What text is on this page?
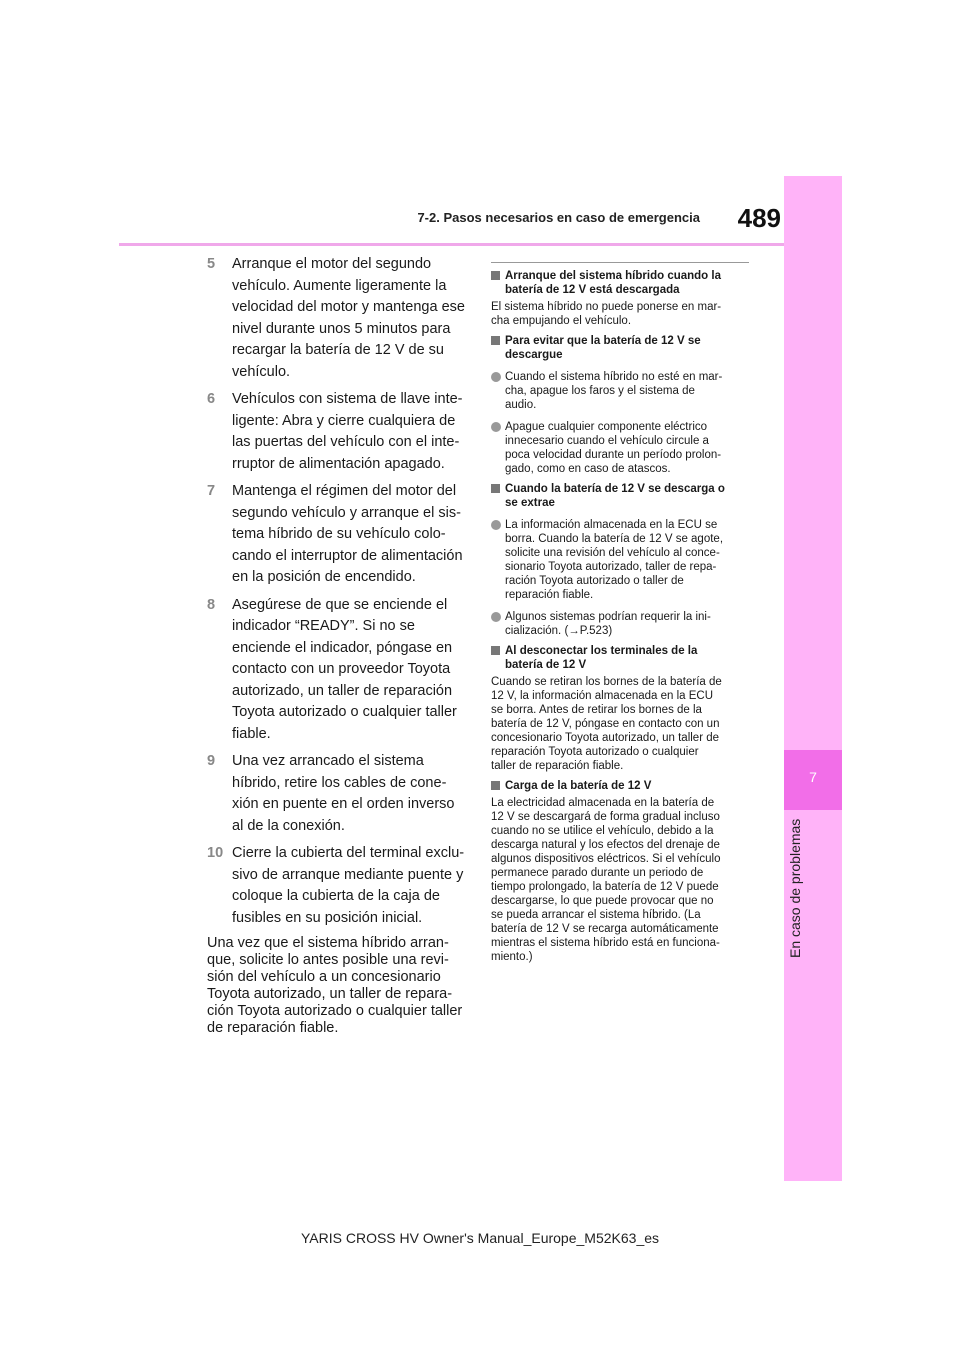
7
En caso de problemas
7-2. Pasos necesarios en caso de emergencia	489
5 Arranque el motor del segundo
vehículo. Aumente ligeramente la
velocidad del motor y mantenga ese
nivel durante unos 5 minutos para
recargar la batería de 12 V de su
vehículo.
6 Vehículos con sistema de llave inte-
ligente: Abra y cierre cualquiera de
las puertas del vehículo con el inte-
rruptor de alimentación apagado.
7 Mantenga el régimen del motor del
segundo vehículo y arranque el sis-
tema híbrido de su vehículo colo-
cando el interruptor de alimentación
en la posición de encendido.
8 Asegúrese de que se enciende el
indicador “READY”. Si no se
enciende el indicador, póngase en
contacto con un proveedor Toyota
autorizado, un taller de reparación
Toyota autorizado o cualquier taller
fiable.
9 Una vez arrancado el sistema
híbrido, retire los cables de cone-
xión en puente en el orden inverso
al de la conexión.
10 Cierre la cubierta del terminal exclu-
sivo de arranque mediante puente y
coloque la cubierta de la caja de
fusibles en su posición inicial.
Una vez que el sistema híbrido arran-
que, solicite lo antes posible una revi-
sión del vehículo a un concesionario
Toyota autorizado, un taller de repara-
ción Toyota autorizado o cualquier taller
de reparación fiable.
Arranque del sistema híbrido cuando la
batería de 12 V está descargada
El sistema híbrido no puede ponerse en mar-
cha empujando el vehículo.
Para evitar que la batería de 12 V se
descargue
Cuando el sistema híbrido no esté en mar-
cha, apague los faros y el sistema de
audio.
Apague cualquier componente eléctrico
innecesario cuando el vehículo circule a
poca velocidad durante un período prolon-
gado, como en caso de atascos.
Cuando la batería de 12 V se descarga o
se extrae
La información almacenada en la ECU se
borra. Cuando la batería de 12 V se agote,
solicite una revisión del vehículo al conce-
sionario Toyota autorizado, taller de repa-
ración Toyota autorizado o taller de
reparación fiable.
Algunos sistemas podrían requerir la ini-
cialización. (→P.523)
Al desconectar los terminales de la
batería de 12 V
Cuando se retiran los bornes de la batería de
12 V, la información almacenada en la ECU
se borra. Antes de retirar los bornes de la
batería de 12 V, póngase en contacto con un
concesionario Toyota autorizado, un taller de
reparación Toyota autorizado o cualquier
taller de reparación fiable.
Carga de la batería de 12 V
La electricidad almacenada en la batería de
12 V se descargará de forma gradual incluso
cuando no se utilice el vehículo, debido a la
descarga natural y los efectos del drenaje de
algunos dispositivos eléctricos. Si el vehículo
permanece parado durante un periodo de
tiempo prolongado, la batería de 12 V puede
descargarse, lo que puede provocar que no
se pueda arrancar el sistema híbrido. (La
batería de 12 V se recarga automáticamente
mientras el sistema híbrido está en funciona-
miento.)
YARIS CROSS HV Owner's Manual_Europe_M52K63_es
